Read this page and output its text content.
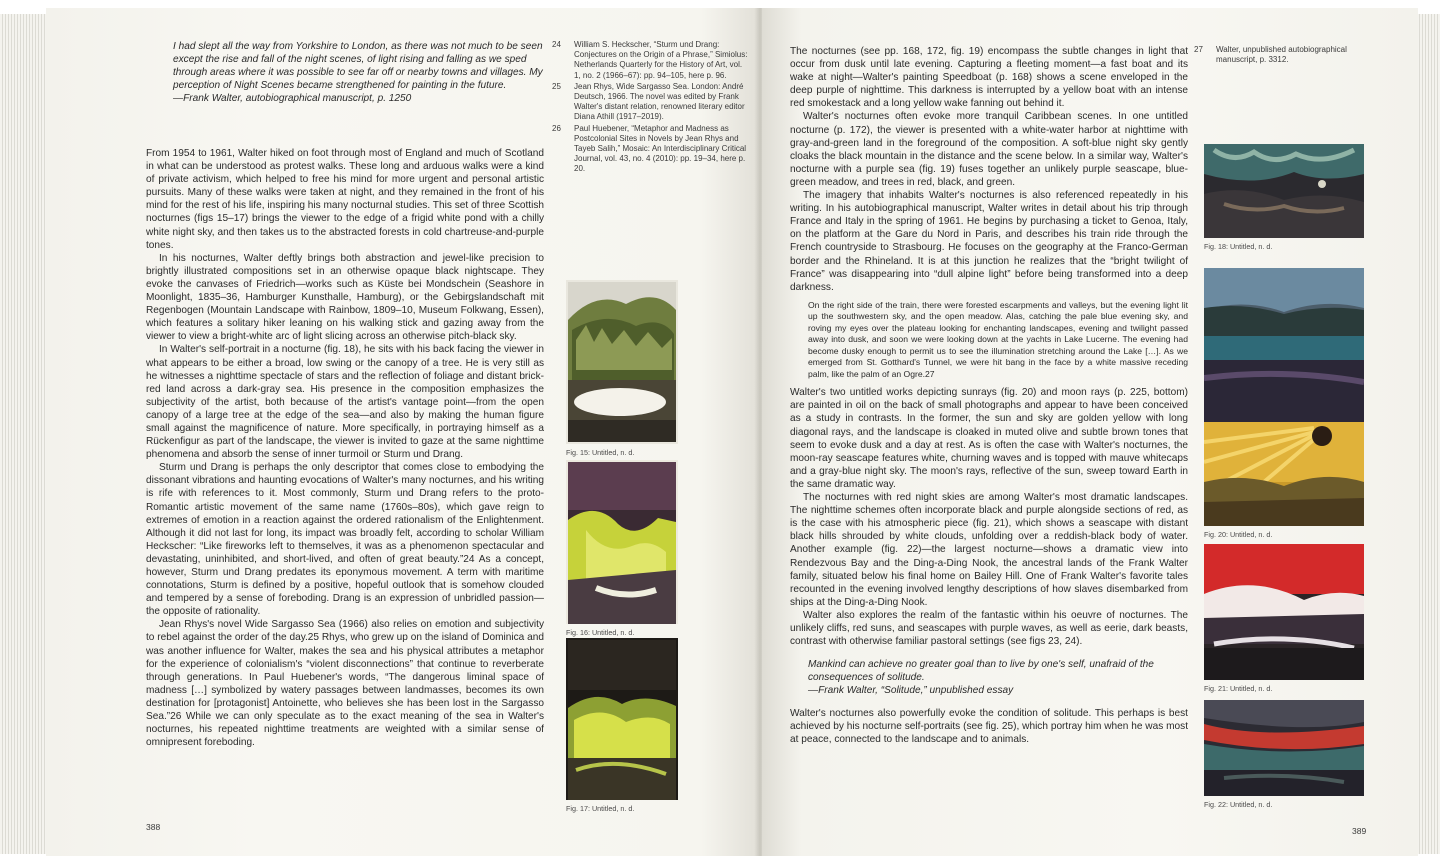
I had slept all the way from Yorkshire to London, as there was not much to be seen except the rise and fall of the night scenes, of light rising and falling as we sped through areas where it was possible to see far off or nearby towns and villages. My perception of Night Scenes became strengthened for painting in the future.
—Frank Walter, autobiographical manuscript, p. 1250

From 1954 to 1961, Walter hiked on foot through most of England and much of Scotland in what can be understood as protest walks. These long and arduous walks were a kind of private activism, which helped to free his mind for more urgent and personal artistic pursuits. Many of these walks were taken at night, and they remained in the front of his mind for the rest of his life, inspiring his many nocturnal studies. This set of three Scottish nocturnes (figs 15–17) brings the viewer to the edge of a frigid white pond with a chilly white night sky, and then takes us to the abstracted forests in cold chartreuse-and-purple tones.

In his nocturnes, Walter deftly brings both abstraction and jewel-like precision to brightly illustrated compositions set in an otherwise opaque black nightscape. They evoke the canvases of Friedrich—works such as Küste bei Mondschein (Seashore in Moonlight, 1835–36, Hamburger Kunsthalle, Hamburg), or the Gebirgslandschaft mit Regenbogen (Mountain Landscape with Rainbow, 1809–10, Museum Folkwang, Essen), which features a solitary hiker leaning on his walking stick and gazing away from the viewer to view a bright-white arc of light slicing across an otherwise pitch-black sky.

In Walter's self-portrait in a nocturne (fig. 18), he sits with his back facing the viewer in what appears to be either a broad, low swing or the canopy of a tree. He is very still as he witnesses a nighttime spectacle of stars and the reflection of foliage and distant brick-red land across a dark-gray sea. His presence in the composition emphasizes the subjectivity of the artist, both because of the artist's vantage point—from the open canopy of a large tree at the edge of the sea—and also by making the human figure small against the magnificence of nature. More specifically, in portraying himself as a Rückenfigur as part of the landscape, the viewer is invited to gaze at the same nighttime phenomena and absorb the sense of inner turmoil or Sturm und Drang.

Sturm und Drang is perhaps the only descriptor that comes close to embodying the dissonant vibrations and haunting evocations of Walter's many nocturnes, and his writing is rife with references to it. Most commonly, Sturm und Drang refers to the proto-Romantic artistic movement of the same name (1760s–80s), which gave reign to extremes of emotion in a reaction against the ordered rationalism of the Enlightenment. Although it did not last for long, its impact was broadly felt, according to scholar William Heckscher: “Like fireworks left to themselves, it was as a phenomenon spectacular and devastating, uninhibited, and short-lived, and often of great beauty.”24 As a concept, however, Sturm und Drang predates its eponymous movement. A term with maritime connotations, Sturm is defined by a positive, hopeful outlook that is somehow clouded and tempered by a sense of foreboding. Drang is an expression of unbridled passion—the opposite of rationality.

Jean Rhys's novel Wide Sargasso Sea (1966) also relies on emotion and subjectivity to rebel against the order of the day.25 Rhys, who grew up on the island of Dominica and was another influence for Walter, makes the sea and his physical attributes a metaphor for the experience of colonialism's “violent disconnections” that continue to reverberate through generations. In Paul Huebener's words, “The dangerous liminal space of madness […] symbolized by watery passages between landmasses, becomes its own destination for [protagonist] Antoinette, who believes she has been lost in the Sargasso Sea.”26 While we can only speculate as to the exact meaning of the sea in Walter's nocturnes, his repeated nighttime treatments are weighted with a similar sense of omnipresent foreboding.

24 William S. Heckscher, “Sturm und Drang: Conjectures on the Origin of a Phrase,” Simiolus: Netherlands Quarterly for the History of Art, vol. 1, no. 2 (1966–67): pp. 94–105, here p. 96.
25 Jean Rhys, Wide Sargasso Sea. London: André Deutsch, 1966. The novel was edited by Frank Walter's distant relation, renowned literary editor Diana Athill (1917–2019).
26 Paul Huebener, “Metaphor and Madness as Postcolonial Sites in Novels by Jean Rhys and Tayeb Salih,” Mosaic: An Interdisciplinary Critical Journal, vol. 43, no. 4 (2010): pp. 19–34, here p. 20.
Fig. 15: Untitled, n. d.
Fig. 16: Untitled, n. d.
Fig. 17: Untitled, n. d.
388

The nocturnes (see pp. 168, 172, fig. 19) encompass the subtle changes in light that occur from dusk until late evening. Capturing a fleeting moment—a fast boat and its wake at night—Walter's painting Speedboat (p. 168) shows a scene enveloped in the deep purple of nighttime. This darkness is interrupted by a yellow boat with an intense red smokestack and a long yellow wake fanning out behind it.

Walter's nocturnes often evoke more tranquil Caribbean scenes. In one untitled nocturne (p. 172), the viewer is presented with a white-water harbor at nighttime with gray-and-green land in the foreground of the composition. A soft-blue night sky gently cloaks the black mountain in the distance and the scene below. In a similar way, Walter's nocturne with a purple sea (fig. 19) fuses together an unlikely purple seascape, blue-green meadow, and trees in red, black, and green.

The imagery that inhabits Walter's nocturnes is also referenced repeatedly in his writing. In his autobiographical manuscript, Walter writes in detail about his trip through France and Italy in the spring of 1961. He begins by purchasing a ticket to Genoa, Italy, on the platform at the Gare du Nord in Paris, and describes his train ride through the French countryside to Strasbourg. He focuses on the geography at the Franco-German border and the Rhineland. It is at this junction he realizes that the “bright twilight of France” was disappearing into “dull alpine light” before being transformed into a deep darkness.

On the right side of the train, there were forested escarpments and valleys, but the evening light lit up the southwestern sky, and the open meadow. Alas, catching the pale blue evening sky, and roving my eyes over the plateau looking for enchanting landscapes, evening and twilight passed away into dusk, and soon we were looking down at the yachts in Lake Lucerne. The evening had become dusky enough to permit us to see the illumination stretching around the Lake […]. As we emerged from St. Gotthard's Tunnel, we were hit bang in the face by a white massive receding palm, like the palm of an Ogre.27

Walter's two untitled works depicting sunrays (fig. 20) and moon rays (p. 225, bottom) are painted in oil on the back of small photographs and appear to have been conceived as a study in contrasts. In the former, the sun and sky are golden yellow with long diagonal rays, and the landscape is cloaked in muted olive and subtle brown tones that seem to evoke dusk and a day at rest. As is often the case with Walter's nocturnes, the moon-ray seascape features white, churning waves and is topped with mauve whitecaps and a gray-blue night sky. The moon's rays, reflective of the sun, sweep toward Earth in the same dramatic way.

The nocturnes with red night skies are among Walter's most dramatic landscapes. The nighttime schemes often incorporate black and purple alongside sections of red, as is the case with his atmospheric piece (fig. 21), which shows a seascape with distant black hills shrouded by white clouds, unfolding over a reddish-black body of water. Another example (fig. 22)—the largest nocturne—shows a dramatic view into Rendezvous Bay and the Ding-a-Ding Nook, the ancestral lands of the Frank Walter family, situated below his final home on Bailey Hill. One of Frank Walter's favorite tales recounted in the evening involved lengthy descriptions of how slaves disembarked from ships at the Ding-a-Ding Nook.

Walter also explores the realm of the fantastic within his oeuvre of nocturnes. The unlikely cliffs, red suns, and seascapes with purple waves, as well as eerie, dark beasts, contrast with otherwise familiar pastoral settings (see figs 23, 24).

Mankind can achieve no greater goal than to live by one's self, unafraid of the consequences of solitude.
—Frank Walter, “Solitude,” unpublished essay

Walter's nocturnes also powerfully evoke the condition of solitude. This perhaps is best achieved by his nocturne self-portraits (see fig. 25), which portray him when he was most at peace, connected to the landscape and to animals.

27 Walter, unpublished autobiographical manuscript, p. 3312.
Fig. 18: Untitled, n. d.
Fig. 20: Untitled, n. d.
Fig. 21: Untitled, n. d.
Fig. 22: Untitled, n. d.
389
